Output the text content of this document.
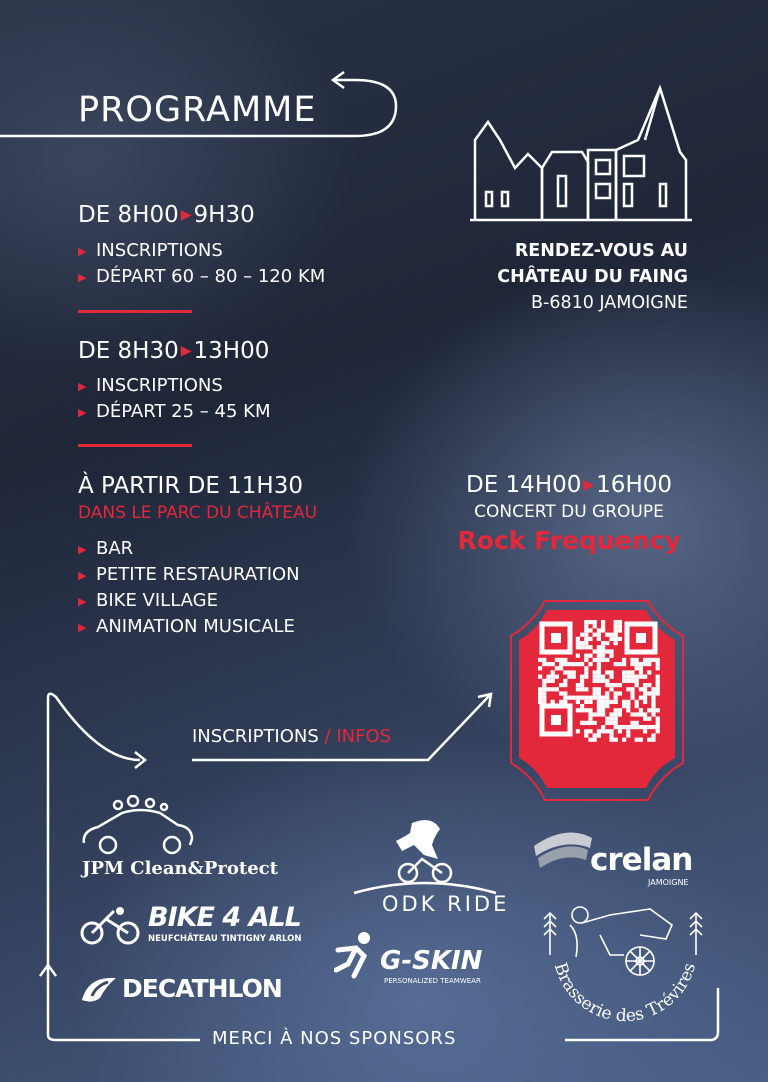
PROGRAMME
DE 8H00 ▶9H30
▶ INSCRIPTIONS
▶ DÉPART 60 – 80 – 120 KM
DE 8H30 ▶13H00
▶ INSCRIPTIONS
▶ DÉPART 25 – 45 KM
À PARTIR DE 11H30
DANS LE PARC DU CHÂTEAU
▶ BAR
▶ PETITE RESTAURATION
▶ BIKE VILLAGE
▶ ANIMATION MUSICALE
RENDEZ-VOUS AU
CHÂTEAU DU FAING
B-6810 JAMOIGNE
DE 14H00 ▶16H00
CONCERT DU GROUPE
Rock Frequency
INSCRIPTIONS / INFOS
JPM Clean&Protect
BIKE 4 ALL
NEUFCHÂTEAU TINTIGNY ARLON
DECATHLON
ODK RIDE
G-SKIN
PERSONALIZED TEAMWEAR
crelan
JAMOIGNE
Brasserie des Trévires
MERCI À NOS SPONSORS
